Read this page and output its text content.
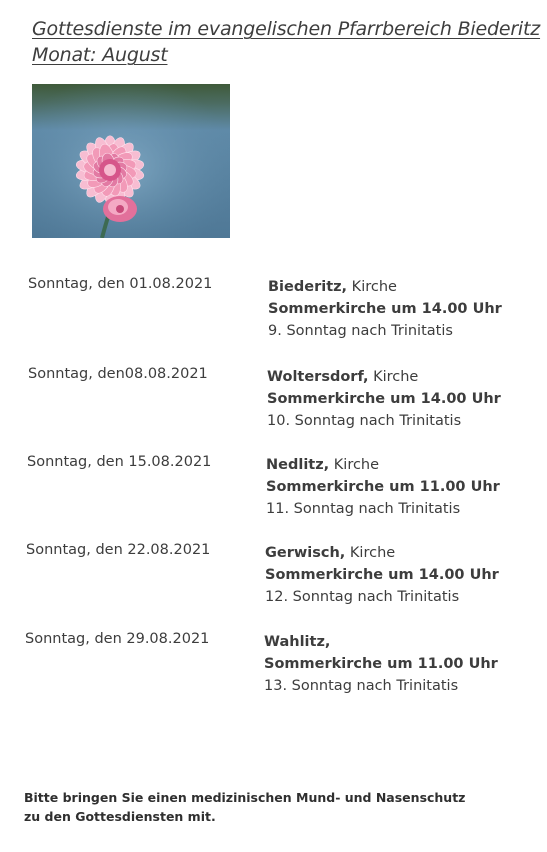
Gottesdienste im evangelischen Pfarrbereich Biederitz
Monat: August
Sonntag, den 01.08.2021	Biederitz, Kirche
Sommerkirche um 14.00 Uhr
9. Sonntag nach Trinitatis
Sonntag, den08.08.2021	Woltersdorf, Kirche
Sommerkirche um 14.00 Uhr
10. Sonntag nach Trinitatis
Sonntag, den 15.08.2021	Nedlitz, Kirche
Sommerkirche um 11.00 Uhr
11. Sonntag nach Trinitatis
Sonntag, den 22.08.2021	Gerwisch, Kirche
Sommerkirche um 14.00 Uhr
12. Sonntag nach Trinitatis
Sonntag, den 29.08.2021	Wahlitz,
Sommerkirche um 11.00 Uhr
13. Sonntag nach Trinitatis
Bitte bringen Sie einen medizinischen Mund- und Nasenschutz zu den Gottesdiensten mit.
